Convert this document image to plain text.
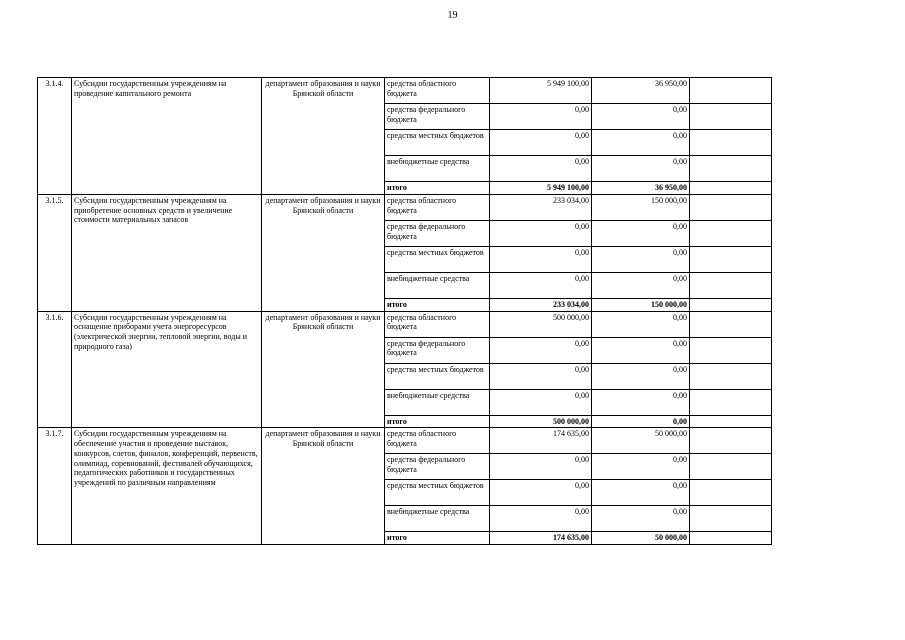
19
3.1.4.	Субсидии государственным учреждениям на проведение капитального ремонта	департамент образования и науки Брянской области	средства областного бюджета	5 949 100,00	36 950,00	
			средства федерального бюджета	0,00	0,00	
			средства местных бюджетов	0,00	0,00	
			внебюджетные средства	0,00	0,00	
			итого	5 949 100,00	36 950,00	
3.1.5.	Субсидии государственным учреждениям на приобретение основных средств и увеличение стоимости материальных запасов	департамент образования и науки Брянской области	средства областного бюджета	233 034,00	150 000,00	
			средства федерального бюджета	0,00	0,00	
			средства местных бюджетов	0,00	0,00	
			внебюджетные средства	0,00	0,00	
			итого	233 034,00	150 000,00	
3.1.6.	Субсидии государственным учреждениям на оснащение приборами учета энергоресурсов (электрической энергии, тепловой энергии, воды и природного газа)	департамент образования и науки Брянской области	средства областного бюджета	500 000,00	0,00	
			средства федерального бюджета	0,00	0,00	
			средства местных бюджетов	0,00	0,00	
			внебюджетные средства	0,00	0,00	
			итого	500 000,00	0,00	
3.1.7.	Субсидии государственным учреждениям на обеспечение участия и проведение выставок, конкурсов, слетов, финалов, конференций, первенств, олимпиад, соревнований, фестивалей обучающихся, педагогических работников и государственных учреждений по различным направлениям	департамент образования и науки Брянской области	средства областного бюджета	174 635,00	50 000,00	
			средства федерального бюджета	0,00	0,00	
			средства местных бюджетов	0,00	0,00	
			внебюджетные средства	0,00	0,00	
			итого	174 635,00	50 000,00	
